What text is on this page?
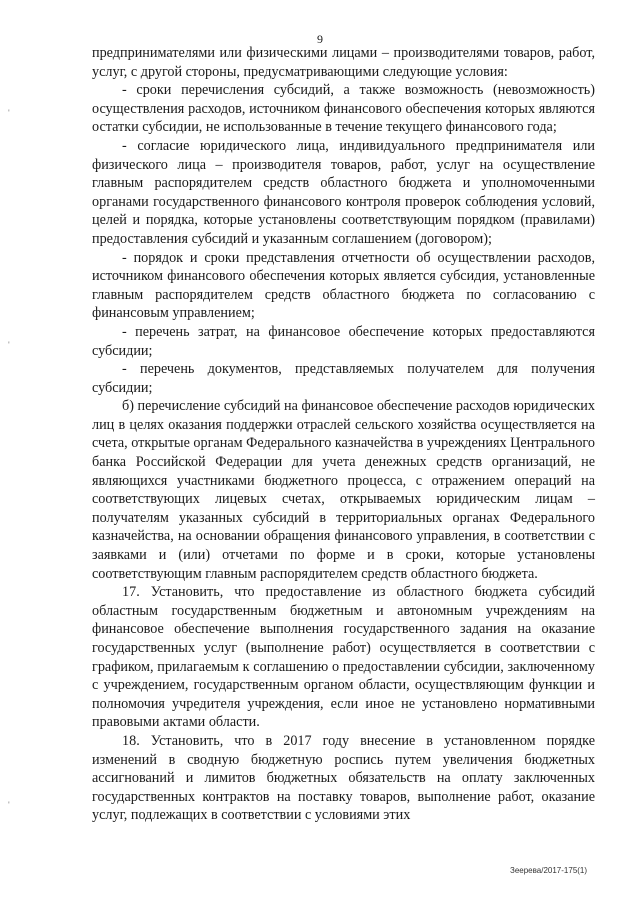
9
'
'
'

предпринимателями или физическими лицами – производителями товаров, работ, услуг, с другой стороны, предусматривающими следующие условия:

- сроки перечисления субсидий, а также возможность (невозможность) осуществления расходов, источником финансового обеспечения которых являются остатки субсидии, не использованные в течение текущего финансового года;

- согласие юридического лица, индивидуального предпринимателя или физического лица – производителя товаров, работ, услуг на осуществление главным распорядителем средств областного бюджета и уполномоченными органами государственного финансового контроля проверок соблюдения условий, целей и порядка, которые установлены соответствующим порядком (правилами) предоставления субсидий и указанным соглашением (договором);

- порядок и сроки представления отчетности об осуществлении расходов, источником финансового обеспечения которых является субсидия, установленные главным распорядителем средств областного бюджета по согласованию с финансовым управлением;

- перечень затрат, на финансовое обеспечение которых предоставляются субсидии;

- перечень документов, представляемых получателем для получения субсидии;

б) перечисление субсидий на финансовое обеспечение расходов юридических лиц в целях оказания поддержки отраслей сельского хозяйства осуществляется на счета, открытые органам Федерального казначейства в учреждениях Центрального банка Российской Федерации для учета денежных средств организаций, не являющихся участниками бюджетного процесса, с отражением операций на соответствующих лицевых счетах, открываемых юридическим лицам – получателям указанных субсидий в территориальных органах Федерального казначейства, на основании обращения финансового управления, в соответствии с заявками и (или) отчетами по форме и в сроки, которые установлены соответствующим главным распорядителем средств областного бюджета.

17. Установить, что предоставление из областного бюджета субсидий областным государственным бюджетным и автономным учреждениям на финансовое обеспечение выполнения государственного задания на оказание государственных услуг (выполнение работ) осуществляется в соответствии с графиком, прилагаемым к соглашению о предоставлении субсидии, заключенному с учреждением, государственным органом области, осуществляющим функции и полномочия учредителя учреждения, если иное не установлено нормативными правовыми актами области.

18. Установить, что в 2017 году внесение в установленном порядке изменений в сводную бюджетную роспись путем увеличения бюджетных ассигнований и лимитов бюджетных обязательств на оплату заключенных государственных контрактов на поставку товаров, выполнение работ, оказание услуг, подлежащих в соответствии с условиями этих

Зеерева/2017-175(1)
